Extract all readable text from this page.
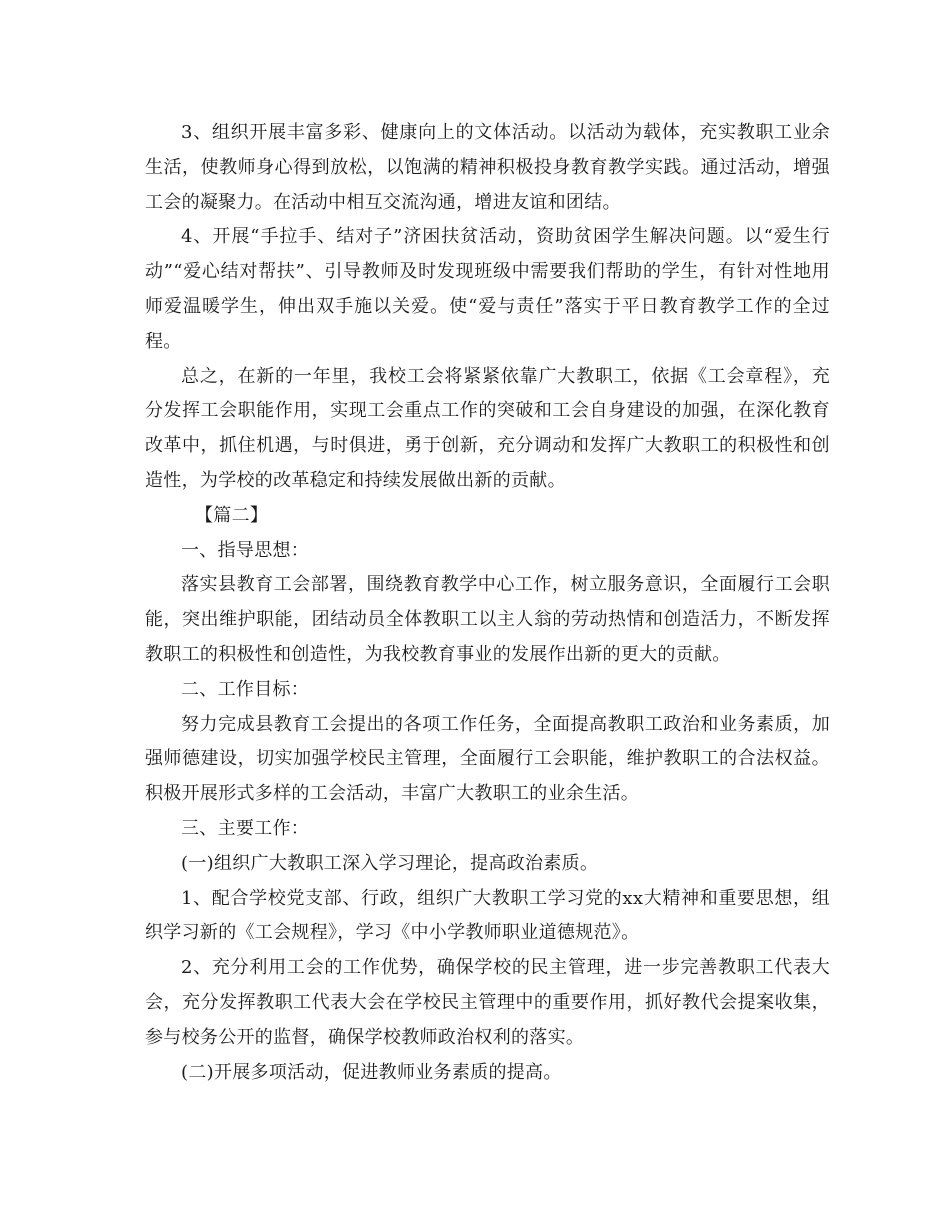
3、组织开展丰富多彩、健康向上的文体活动。以活动为载体，充实教职工业余生活，使教师身心得到放松，以饱满的精神积极投身教育教学实践。通过活动，增强工会的凝聚力。在活动中相互交流沟通，增进友谊和团结。

4、开展“手拉手、结对子”济困扶贫活动，资助贫困学生解决问题。以“爱生行动”“爱心结对帮扶”、引导教师及时发现班级中需要我们帮助的学生，有针对性地用师爱温暖学生，伸出双手施以关爱。使“爱与责任”落实于平日教育教学工作的全过程。

总之，在新的一年里，我校工会将紧紧依靠广大教职工，依据《工会章程》，充分发挥工会职能作用，实现工会重点工作的突破和工会自身建设的加强，在深化教育改革中，抓住机遇，与时俱进，勇于创新，充分调动和发挥广大教职工的积极性和创造性，为学校的改革稳定和持续发展做出新的贡献。

【篇二】

一、指导思想：

落实县教育工会部署，围绕教育教学中心工作，树立服务意识，全面履行工会职能，突出维护职能，团结动员全体教职工以主人翁的劳动热情和创造活力，不断发挥教职工的积极性和创造性，为我校教育事业的发展作出新的更大的贡献。

二、工作目标：

努力完成县教育工会提出的各项工作任务，全面提高教职工政治和业务素质，加强师德建设，切实加强学校民主管理，全面履行工会职能，维护教职工的合法权益。积极开展形式多样的工会活动，丰富广大教职工的业余生活。

三、主要工作：

(一)组织广大教职工深入学习理论，提高政治素质。

1、配合学校党支部、行政，组织广大教职工学习党的xx大精神和重要思想，组织学习新的《工会规程》，学习《中小学教师职业道德规范》。

2、充分利用工会的工作优势，确保学校的民主管理，进一步完善教职工代表大会，充分发挥教职工代表大会在学校民主管理中的重要作用，抓好教代会提案收集，参与校务公开的监督，确保学校教师政治权利的落实。

(二)开展多项活动，促进教师业务素质的提高。
